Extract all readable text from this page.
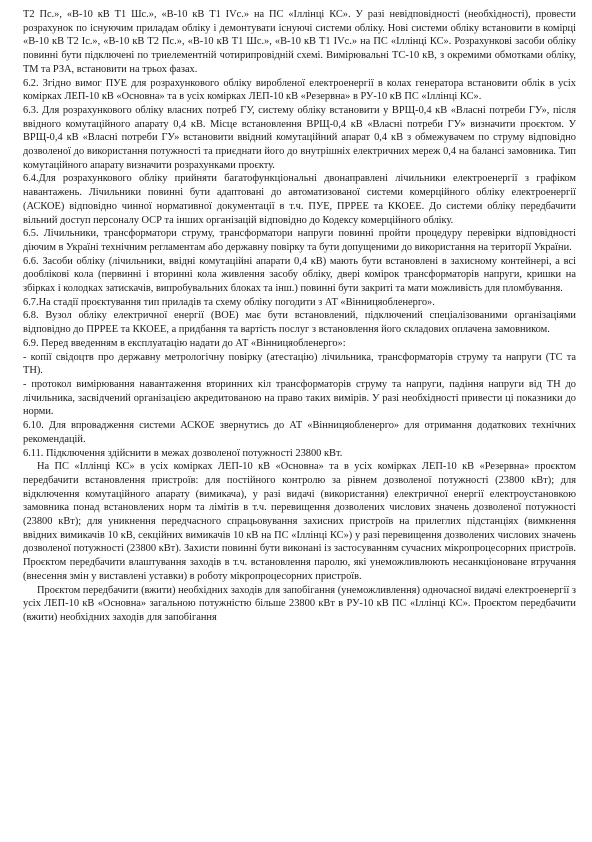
Т2 Пс.», «В-10 кВ Т1 Шс.», «В-10 кВ Т1 IVс.» на ПС «Іллінці КС». У разі невідповідності (необхідності), провести розрахунок по існуючим приладам обліку і демонтувати існуючі системи обліку. Нові системи обліку встановити в комірці «В-10 кВ Т2 Іс.», «В-10 кВ Т2 Пс.», «В-10 кВ Т1 Шс.», «В-10 кВ Т1 IVс.» на ПС «Іллінці КС». Розрахункові засоби обліку повинні бути підключені по триелементній чотирипровідній схемі. Вимірювальні ТС-10 кВ, з окремими обмотками обліку, ТМ та РЗА, встановити на трьох фазах.

6.2. Згідно вимог ПУЕ для розрахункового обліку виробленої електроенергії в колах генератора встановити облік в усіх комірках ЛЕП-10 кВ «Основна» та в усіх комірках ЛЕП-10 кВ «Резервна» в РУ-10 кВ ПС «Іллінці КС».

6.3. Для розрахункового обліку власних потреб ГУ, систему обліку встановити у ВРЩ-0,4 кВ «Власні потреби ГУ», після ввідного комутаційного апарату 0,4 кВ. Місце встановлення ВРЩ-0,4 кВ «Власні потреби ГУ» визначити проєктом. У ВРЩ-0,4 кВ «Власні потреби ГУ» встановити ввідний комутаційний апарат 0,4 кВ з обмежувачем по струму відповідно дозволеної до використання потужності та приєднати його до внутрішніх електричних мереж 0,4 на балансі замовника. Тип комутаційного апарату визначити розрахунками проєкту.

6.4.Для розрахункового обліку прийняти багатофункціональні двонаправлені лічильники електроенергії з графіком навантажень. Лічильники повинні бути адаптовані до автоматизованої системи комерційного обліку електроенергії (АСКОЕ) відповідно чинної нормативної документації в т.ч. ПУЕ, ПРРЕЕ та ККОЕЕ. До системи обліку передбачити вільний доступ персоналу ОСР та інших організацій відповідно до Кодексу комерційного обліку.

6.5. Лічильники, трансформатори струму, трансформатори напруги повинні пройти процедуру перевірки відповідності діючим в Україні технічним регламентам або державну повірку та бути допущеними до використання на території України.

6.6. Засоби обліку (лічильники, ввідні комутаційні апарати 0,4 кВ) мають бути встановлені в захисному контейнері, а всі дооблікові кола (первинні і вторинні кола живлення засобу обліку, двері комірок трансформаторів напруги, кришки на збірках і колодках затискачів, випробувальних блоках та інш.) повинні бути закриті та мати можливість для пломбування.

6.7.На стадії проєктування тип приладів та схему обліку погодити з АТ «Вінницяобленерго».

6.8. Вузол обліку електричної енергії (ВОЕ) має бути встановлений, підключений спеціалізованими організаціями відповідно до ПРРЕЕ та ККОЕЕ, а придбання та вартість послуг з встановлення його складових оплачена замовником.

6.9. Перед введенням в експлуатацію надати до АТ «Вінницяобленерго»:

- копії свідоцтв про державну метрологічну повірку (атестацію) лічильника, трансформаторів струму та напруги (ТС та ТН).

- протокол вимірювання навантаження вторинних кіл трансформаторів струму та напруги, падіння напруги від ТН до лічильника, засвідчений організацією акредитованою на право таких вимірів. У разі необхідності привести ці показники до норми.

6.10. Для впровадження системи АСКОЕ звернутись до АТ «Вінницяобленерго» для отримання додаткових технічних рекомендацій.

6.11. Підключення здійснити в межах дозволеної потужності 23800 кВт.

На ПС «Іллінці КС» в усіх комірках ЛЕП-10 кВ «Основна» та в усіх комірках ЛЕП-10 кВ «Резервна» проєктом передбачити встановлення пристроїв: для постійного контролю за рівнем дозволеної потужності (23800 кВт); для відключення комутаційного апарату (вимикача), у разі видачі (використання) електричної енергії електроустановкою замовника понад встановлених норм та лімітів в т.ч. перевищення дозволених числових значень дозволеної потужності (23800 кВт); для уникнення передчасного спрацьовування захисних пристроїв на прилеглих підстанціях (вимкнення ввідних вимикачів 10 кВ, секційних вимикачів 10 кВ на ПС «Іллінці КС») у разі перевищення дозволених числових значень дозволеної потужності (23800 кВт). Захисти повинні бути виконані із застосуванням сучасних мікропроцесорних пристроїв. Проєктом передбачити влаштування заходів в т.ч. встановлення паролю, які унеможливлюють несанкціоноване втручання (внесення змін у виставлені уставки) в роботу мікропроцесорних пристроїв.

Проєктом передбачити (вжити) необхідних заходів для запобігання (унеможливлення) одночасної видачі електроенергії з усіх ЛЕП-10 кВ «Основна» загальною потужністю більше 23800 кВт в РУ-10 кВ ПС «Іллінці КС». Проєктом передбачити (вжити) необхідних заходів для запобігання
